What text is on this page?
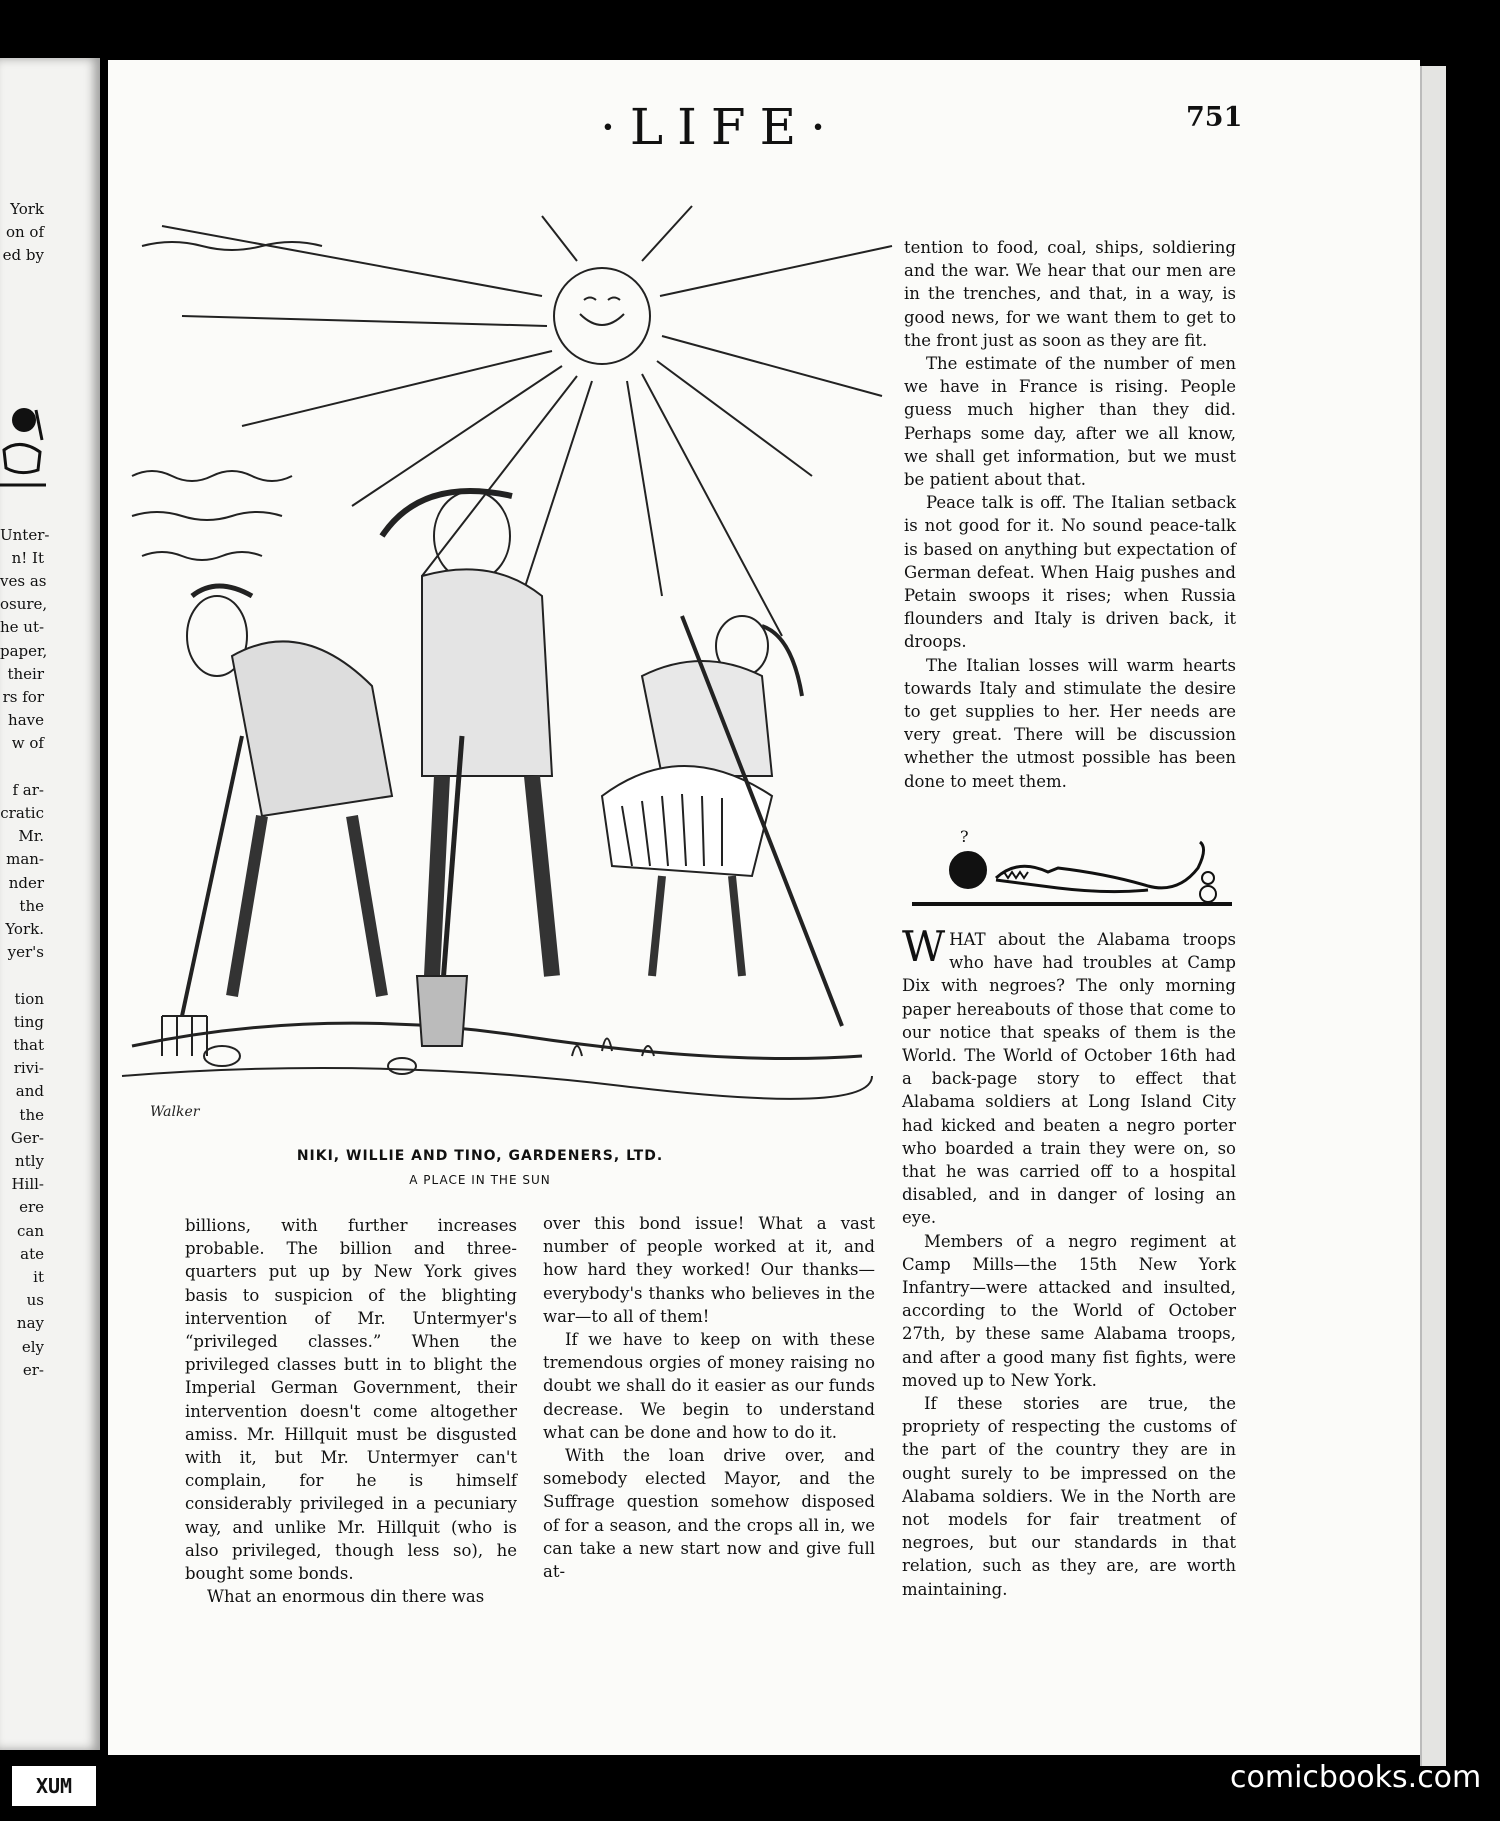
York
on of
ed by
Unter-
n! It
ves as
osure,
he ut-
paper,
their
rs for
have
w of
f ar-
cratic
Mr.
man-
nder
the
York.
yer's
tion
ting
that
rivi-
and
the
Ger-
ntly
Hill-
ere
can
ate
it
us
nay
ely
er-
·LIFE·	751
Walker
NIKI, WILLIE AND TINO, GARDENERS, LTD.
A PLACE IN THE SUN

billions, with further increases probable. The billion and three-quarters put up by New York gives basis to suspicion of the blighting intervention of Mr. Untermyer's “privileged classes.” When the privileged classes butt in to blight the Imperial German Government, their intervention doesn't come altogether amiss. Mr. Hillquit must be disgusted with it, but Mr. Untermyer can't complain, for he is himself considerably privileged in a pecuniary way, and unlike Mr. Hillquit (who is also privileged, though less so), he bought some bonds.

What an enormous din there was

over this bond issue! What a vast number of people worked at it, and how hard they worked! Our thanks—everybody's thanks who believes in the war—to all of them!

If we have to keep on with these tremendous orgies of money raising no doubt we shall do it easier as our funds decrease. We begin to understand what can be done and how to do it.

With the loan drive over, and somebody elected Mayor, and the Suffrage question somehow disposed of for a season, and the crops all in, we can take a new start now and give full at-

tention to food, coal, ships, soldiering and the war. We hear that our men are in the trenches, and that, in a way, is good news, for we want them to get to the front just as soon as they are fit.

The estimate of the number of men we have in France is rising. People guess much higher than they did. Perhaps some day, after we all know, we shall get information, but we must be patient about that.

Peace talk is off. The Italian setback is not good for it. No sound peace-talk is based on anything but expectation of German defeat. When Haig pushes and Petain swoops it rises; when Russia flounders and Italy is driven back, it droops.

The Italian losses will warm hearts towards Italy and stimulate the desire to get supplies to her. Her needs are very great. There will be discussion whether the utmost possible has been done to meet them.

?

WHAT about the Alabama troops who have had troubles at Camp Dix with negroes? The only morning paper hereabouts of those that come to our notice that speaks of them is the World. The World of October 16th had a back-page story to effect that Alabama soldiers at Long Island City had kicked and beaten a negro porter who boarded a train they were on, so that he was carried off to a hospital disabled, and in danger of losing an eye.

Members of a negro regiment at Camp Mills—the 15th New York Infantry—were attacked and insulted, according to the World of October 27th, by these same Alabama troops, and after a good many fist fights, were moved up to New York.

If these stories are true, the propriety of respecting the customs of the part of the country they are in ought surely to be impressed on the Alabama soldiers. We in the North are not models for fair treatment of negroes, but our standards in that relation, such as they are, are worth maintaining.

XUM	comicbooks.com
